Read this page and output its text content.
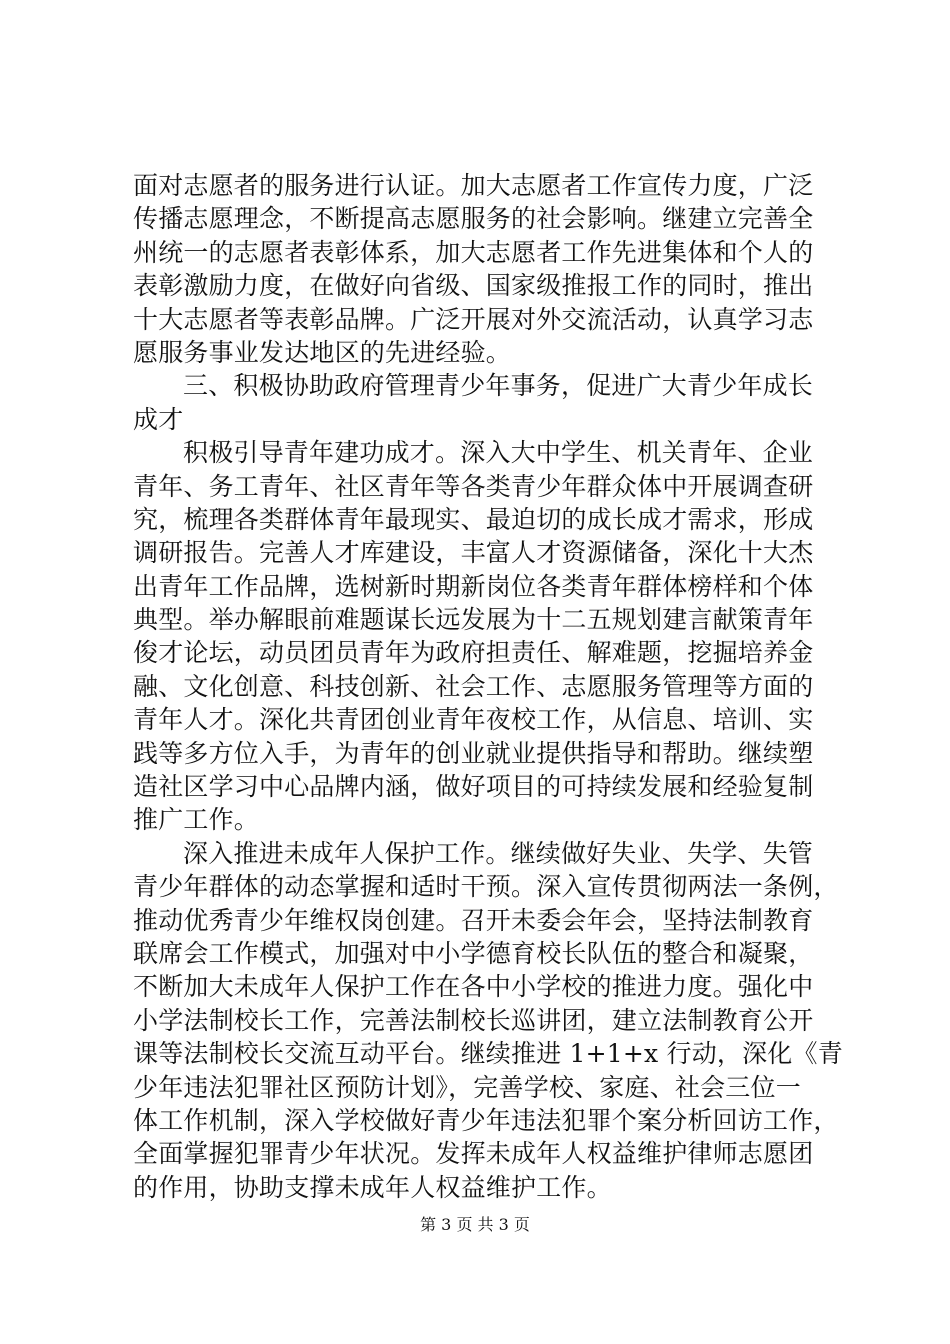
面对志愿者的服务进行认证。加大志愿者工作宣传力度，广泛
传播志愿理念，不断提高志愿服务的社会影响。继建立完善全
州统一的志愿者表彰体系，加大志愿者工作先进集体和个人的
表彰激励力度，在做好向省级、国家级推报工作的同时，推出
十大志愿者等表彰品牌。广泛开展对外交流活动，认真学习志
愿服务事业发达地区的先进经验。
三、积极协助政府管理青少年事务，促进广大青少年成长
成才
积极引导青年建功成才。深入大中学生、机关青年、企业
青年、务工青年、社区青年等各类青少年群众体中开展调查研
究，梳理各类群体青年最现实、最迫切的成长成才需求，形成
调研报告。完善人才库建设，丰富人才资源储备，深化十大杰
出青年工作品牌，选树新时期新岗位各类青年群体榜样和个体
典型。举办解眼前难题谋长远发展为十二五规划建言献策青年
俊才论坛，动员团员青年为政府担责任、解难题，挖掘培养金
融、文化创意、科技创新、社会工作、志愿服务管理等方面的
青年人才。深化共青团创业青年夜校工作，从信息、培训、实
践等多方位入手，为青年的创业就业提供指导和帮助。继续塑
造社区学习中心品牌内涵，做好项目的可持续发展和经验复制
推广工作。
深入推进未成年人保护工作。继续做好失业、失学、失管
青少年群体的动态掌握和适时干预。深入宣传贯彻两法一条例，
推动优秀青少年维权岗创建。召开未委会年会，坚持法制教育
联席会工作模式，加强对中小学德育校长队伍的整合和凝聚，
不断加大未成年人保护工作在各中小学校的推进力度。强化中
小学法制校长工作，完善法制校长巡讲团，建立法制教育公开
课等法制校长交流互动平台。继续推进 1+1+x 行动，深化《青
少年违法犯罪社区预防计划》，完善学校、家庭、社会三位一
体工作机制，深入学校做好青少年违法犯罪个案分析回访工作，
全面掌握犯罪青少年状况。发挥未成年人权益维护律师志愿团
的作用，协助支撑未成年人权益维护工作。
第 3 页 共 3 页
